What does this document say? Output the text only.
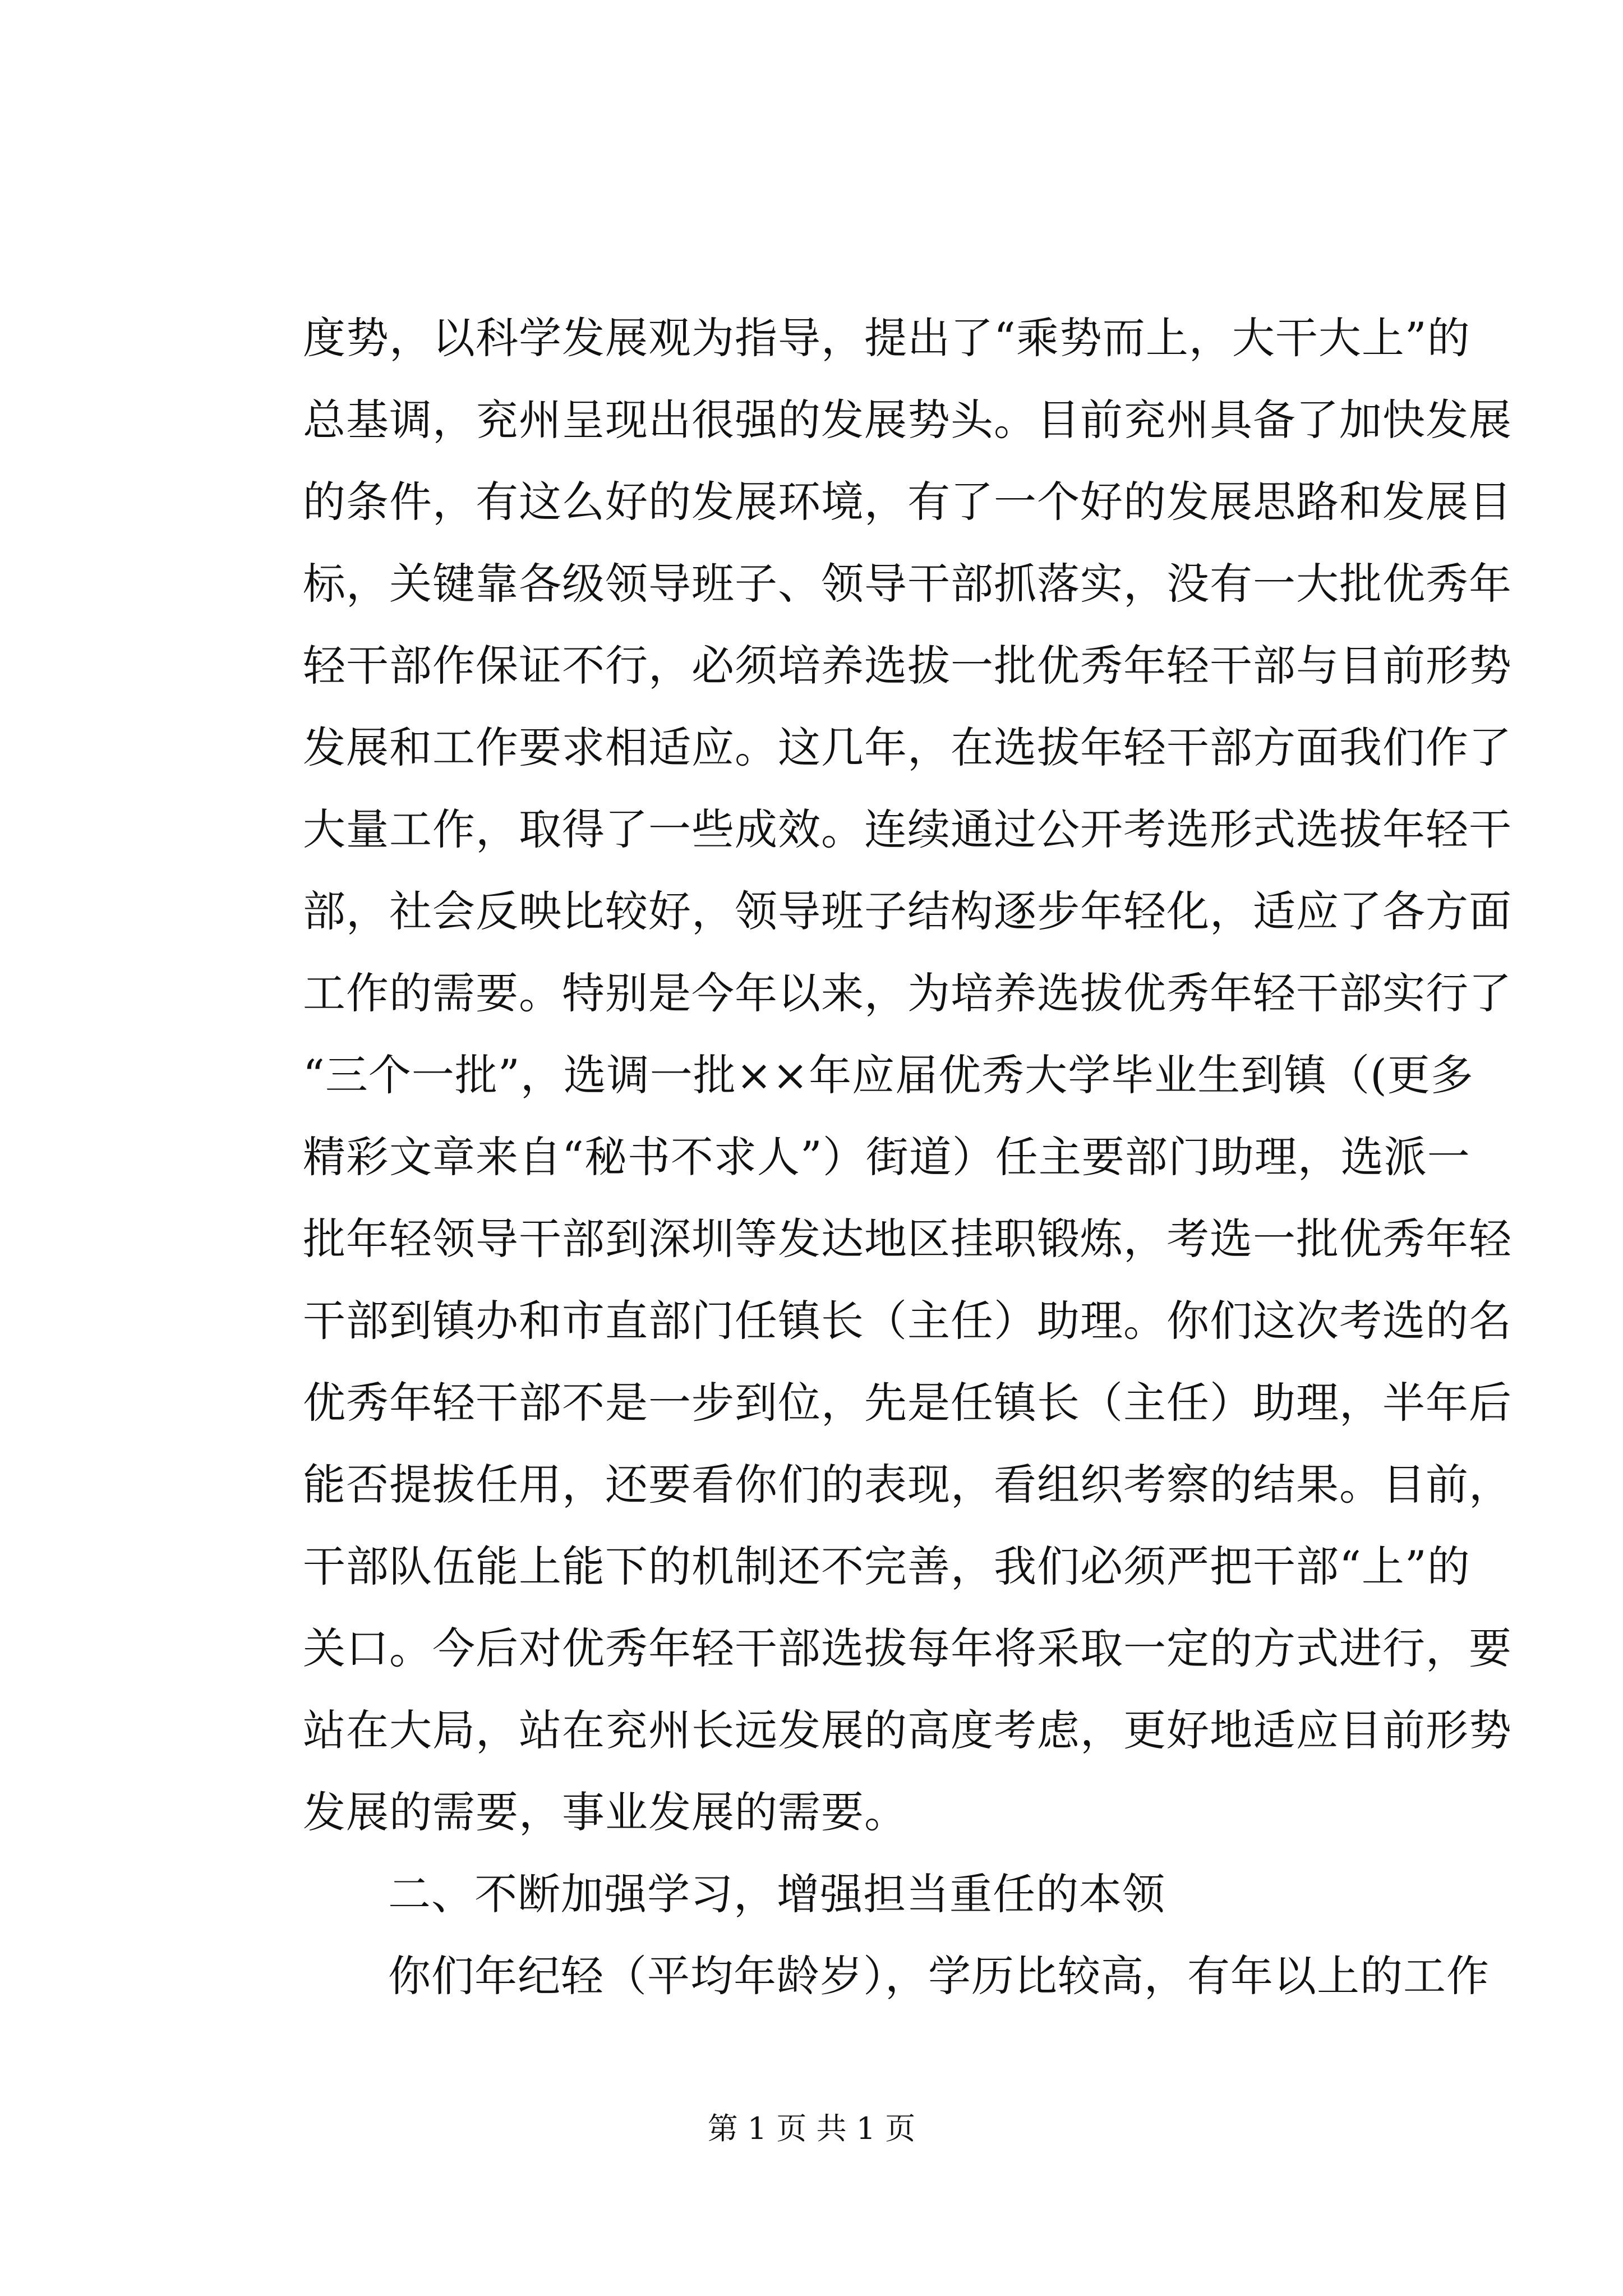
度势，以科学发展观为指导，提出了“乘势而上，大干大上”的
总基调，兖州呈现出很强的发展势头。目前兖州具备了加快发展
的条件，有这么好的发展环境，有了一个好的发展思路和发展目
标，关键靠各级领导班子、领导干部抓落实，没有一大批优秀年
轻干部作保证不行，必须培养选拔一批优秀年轻干部与目前形势
发展和工作要求相适应。这几年，在选拔年轻干部方面我们作了
大量工作，取得了一些成效。连续通过公开考选形式选拔年轻干
部，社会反映比较好，领导班子结构逐步年轻化，适应了各方面
工作的需要。特别是今年以来，为培养选拔优秀年轻干部实行了
“三个一批”，选调一批××年应届优秀大学毕业生到镇（(更多
精彩文章来自“秘书不求人”）街道）任主要部门助理，选派一
批年轻领导干部到深圳等发达地区挂职锻炼，考选一批优秀年轻
干部到镇办和市直部门任镇长（主任）助理。你们这次考选的名
优秀年轻干部不是一步到位，先是任镇长（主任）助理，半年后
能否提拔任用，还要看你们的表现，看组织考察的结果。目前，
干部队伍能上能下的机制还不完善，我们必须严把干部“上”的
关口。今后对优秀年轻干部选拔每年将采取一定的方式进行，要
站在大局，站在兖州长远发展的高度考虑，更好地适应目前形势
发展的需要，事业发展的需要。
二、不断加强学习，增强担当重任的本领
你们年纪轻（平均年龄岁），学历比较高，有年以上的工作
第 1 页 共 1 页
